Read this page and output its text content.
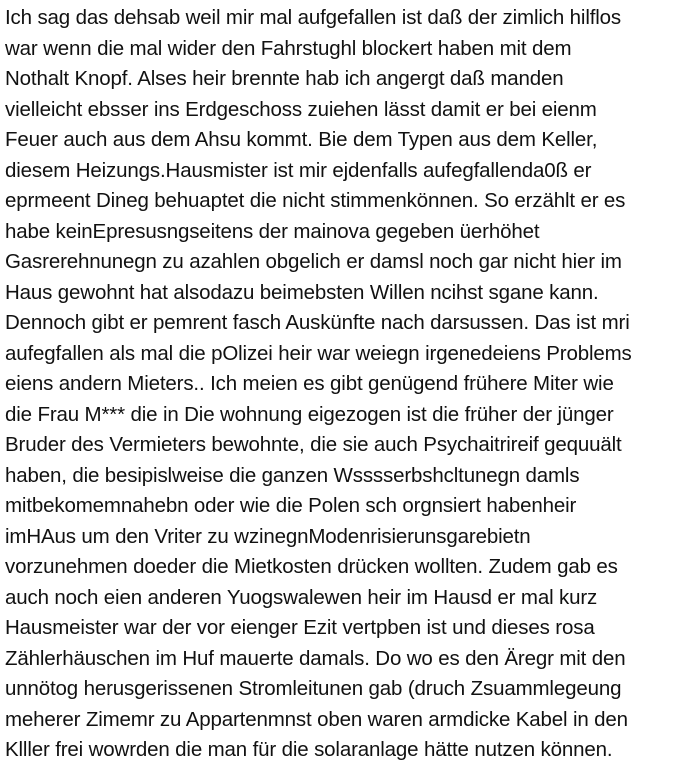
Ich sag das dehsab weil mir mal aufgefallen ist daß der zimlich hilflos
war wenn die mal wider den Fahrstughl blockert haben mit dem
Nothalt Knopf. Alses heir brennte hab ich angergt daß manden
vielleicht ebsser ins Erdgeschoss zuiehen lässt damit er bei eienm
Feuer auch aus dem Ahsu kommt. Bie dem Typen aus dem Keller,
diesem Heizungs.Hausmister ist mir ejdenfalls aufegfallenda0ß er
eprmeent Dineg behuaptet die nicht stimmenkönnen. So erzählt er es
habe keinEpresusngseitens der mainova gegeben üerhöhet
Gasrerehnunegn zu azahlen obgelich er damsl noch gar nicht hier im
Haus gewohnt hat alsodazu beimebsten Willen ncihst sgane kann.
Dennoch gibt er pemrent fasch Auskünfte nach darsussen. Das ist mri
aufegfallen als mal die pOlizei heir war weiegn irgenedeiens Problems
eiens andern Mieters.. Ich meien es gibt genügend frühere Miter wie
die Frau M*** die in Die wohnung eigezogen ist die früher der jünger
Bruder des Vermieters bewohnte, die sie auch Psychaitrireif gequuält
haben, die besipislweise die ganzen Wsssserbshcltunegn damls
mitbekomemnahebn oder wie die Polen sch orgnsiert habenheir
imHAus um den Vriter zu wzinegnModenrisierunsgarebietn
vorzunehmen doeder die Mietkosten drücken wollten. Zudem gab es
auch noch eien anderen Yuogswalewen heir im Hausd er mal kurz
Hausmeister war der vor eienger Ezit vertpben ist und dieses rosa
Zählerhäuschen im Huf mauerte damals. Do wo es den Äregr mit den
unnötog herusgerissenen Stromleitunen gab (druch Zsuammlegeung
meherer Zimemr zu Appartenmnst oben waren armdicke Kabel in den
Klller frei wowrden die man für die solaranlage hätte nutzen können.
